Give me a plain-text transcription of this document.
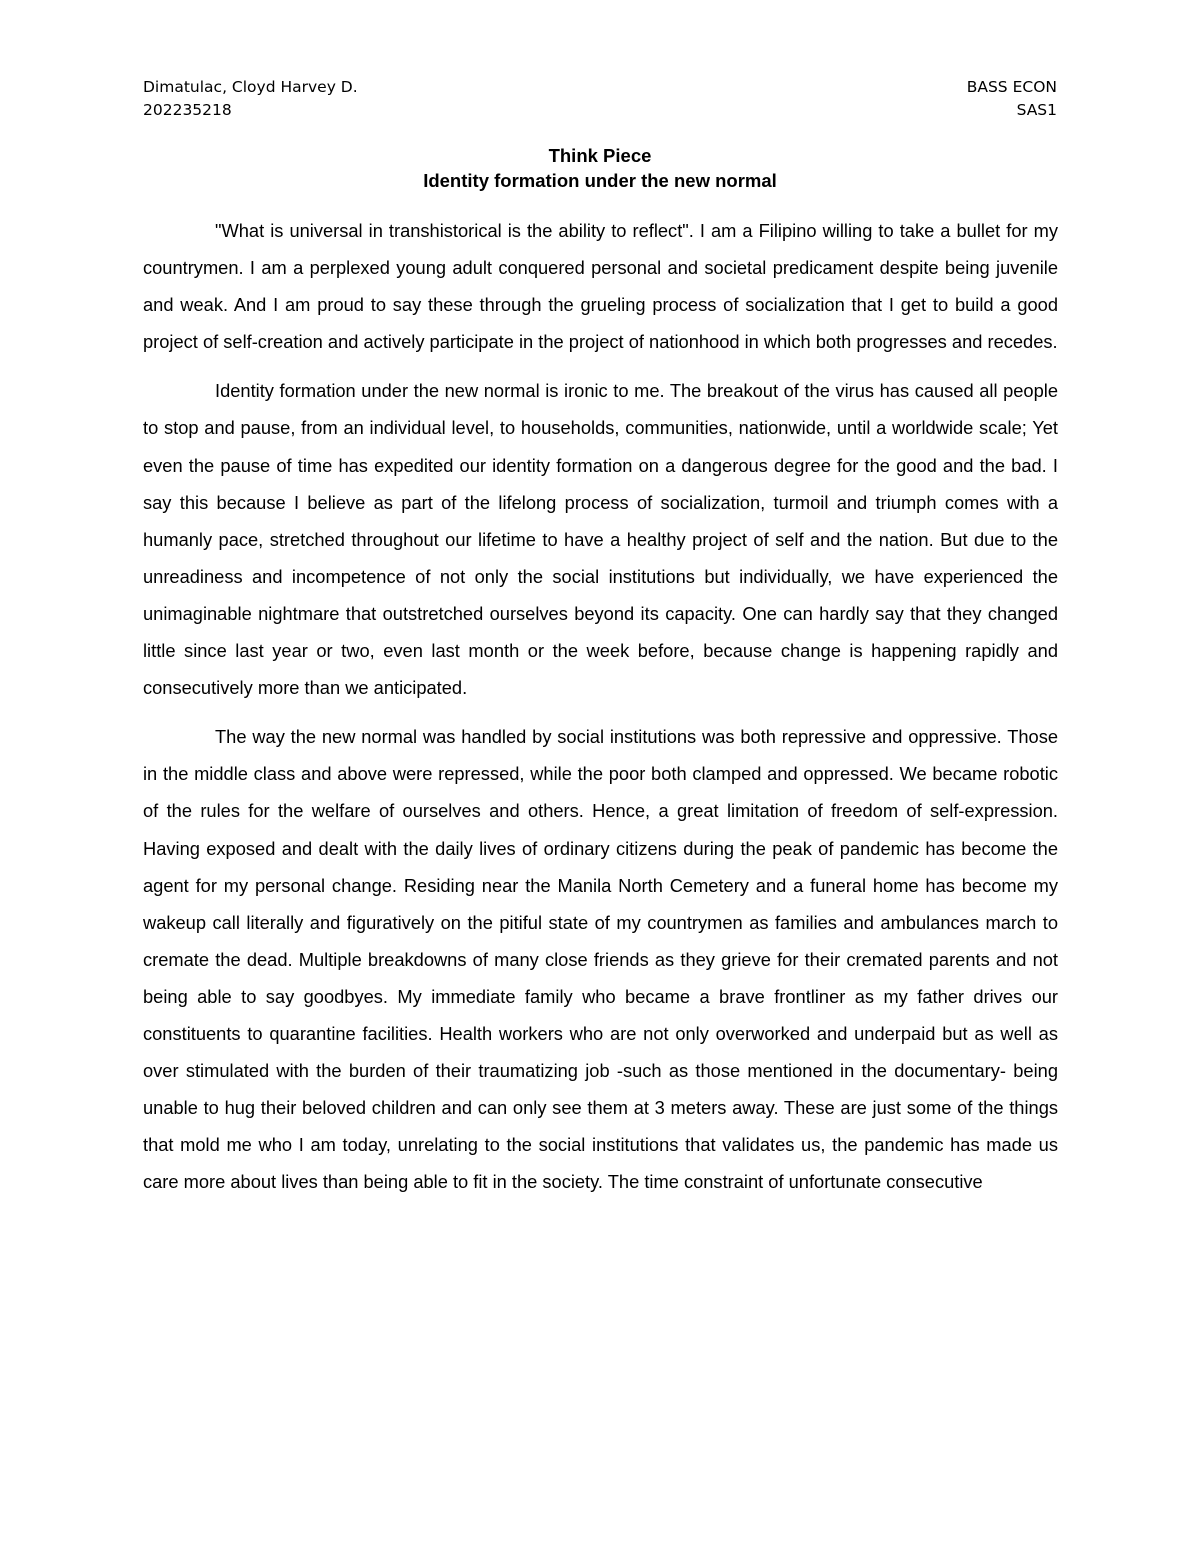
Dimatulac, Cloyd Harvey D.
202235218
BASS ECON
SAS1
Think Piece
Identity formation under the new normal

"What is universal in transhistorical is the ability to reflect". I am a Filipino willing to take a bullet for my countrymen. I am a perplexed young adult conquered personal and societal predicament despite being juvenile and weak. And I am proud to say these through the grueling process of socialization that I get to build a good project of self-creation and actively participate in the project of nationhood in which both progresses and recedes.

Identity formation under the new normal is ironic to me. The breakout of the virus has caused all people to stop and pause, from an individual level, to households, communities, nationwide, until a worldwide scale; Yet even the pause of time has expedited our identity formation on a dangerous degree for the good and the bad. I say this because I believe as part of the lifelong process of socialization, turmoil and triumph comes with a humanly pace, stretched throughout our lifetime to have a healthy project of self and the nation. But due to the unreadiness and incompetence of not only the social institutions but individually, we have experienced the unimaginable nightmare that outstretched ourselves beyond its capacity. One can hardly say that they changed little since last year or two, even last month or the week before, because change is happening rapidly and consecutively more than we anticipated.

The way the new normal was handled by social institutions was both repressive and oppressive. Those in the middle class and above were repressed, while the poor both clamped and oppressed. We became robotic of the rules for the welfare of ourselves and others. Hence, a great limitation of freedom of self-expression. Having exposed and dealt with the daily lives of ordinary citizens during the peak of pandemic has become the agent for my personal change. Residing near the Manila North Cemetery and a funeral home has become my wakeup call literally and figuratively on the pitiful state of my countrymen as families and ambulances march to cremate the dead. Multiple breakdowns of many close friends as they grieve for their cremated parents and not being able to say goodbyes. My immediate family who became a brave frontliner as my father drives our constituents to quarantine facilities. Health workers who are not only overworked and underpaid but as well as over stimulated with the burden of their traumatizing job -such as those mentioned in the documentary- being unable to hug their beloved children and can only see them at 3 meters away. These are just some of the things that mold me who I am today, unrelating to the social institutions that validates us, the pandemic has made us care more about lives than being able to fit in the society. The time constraint of unfortunate consecutive
